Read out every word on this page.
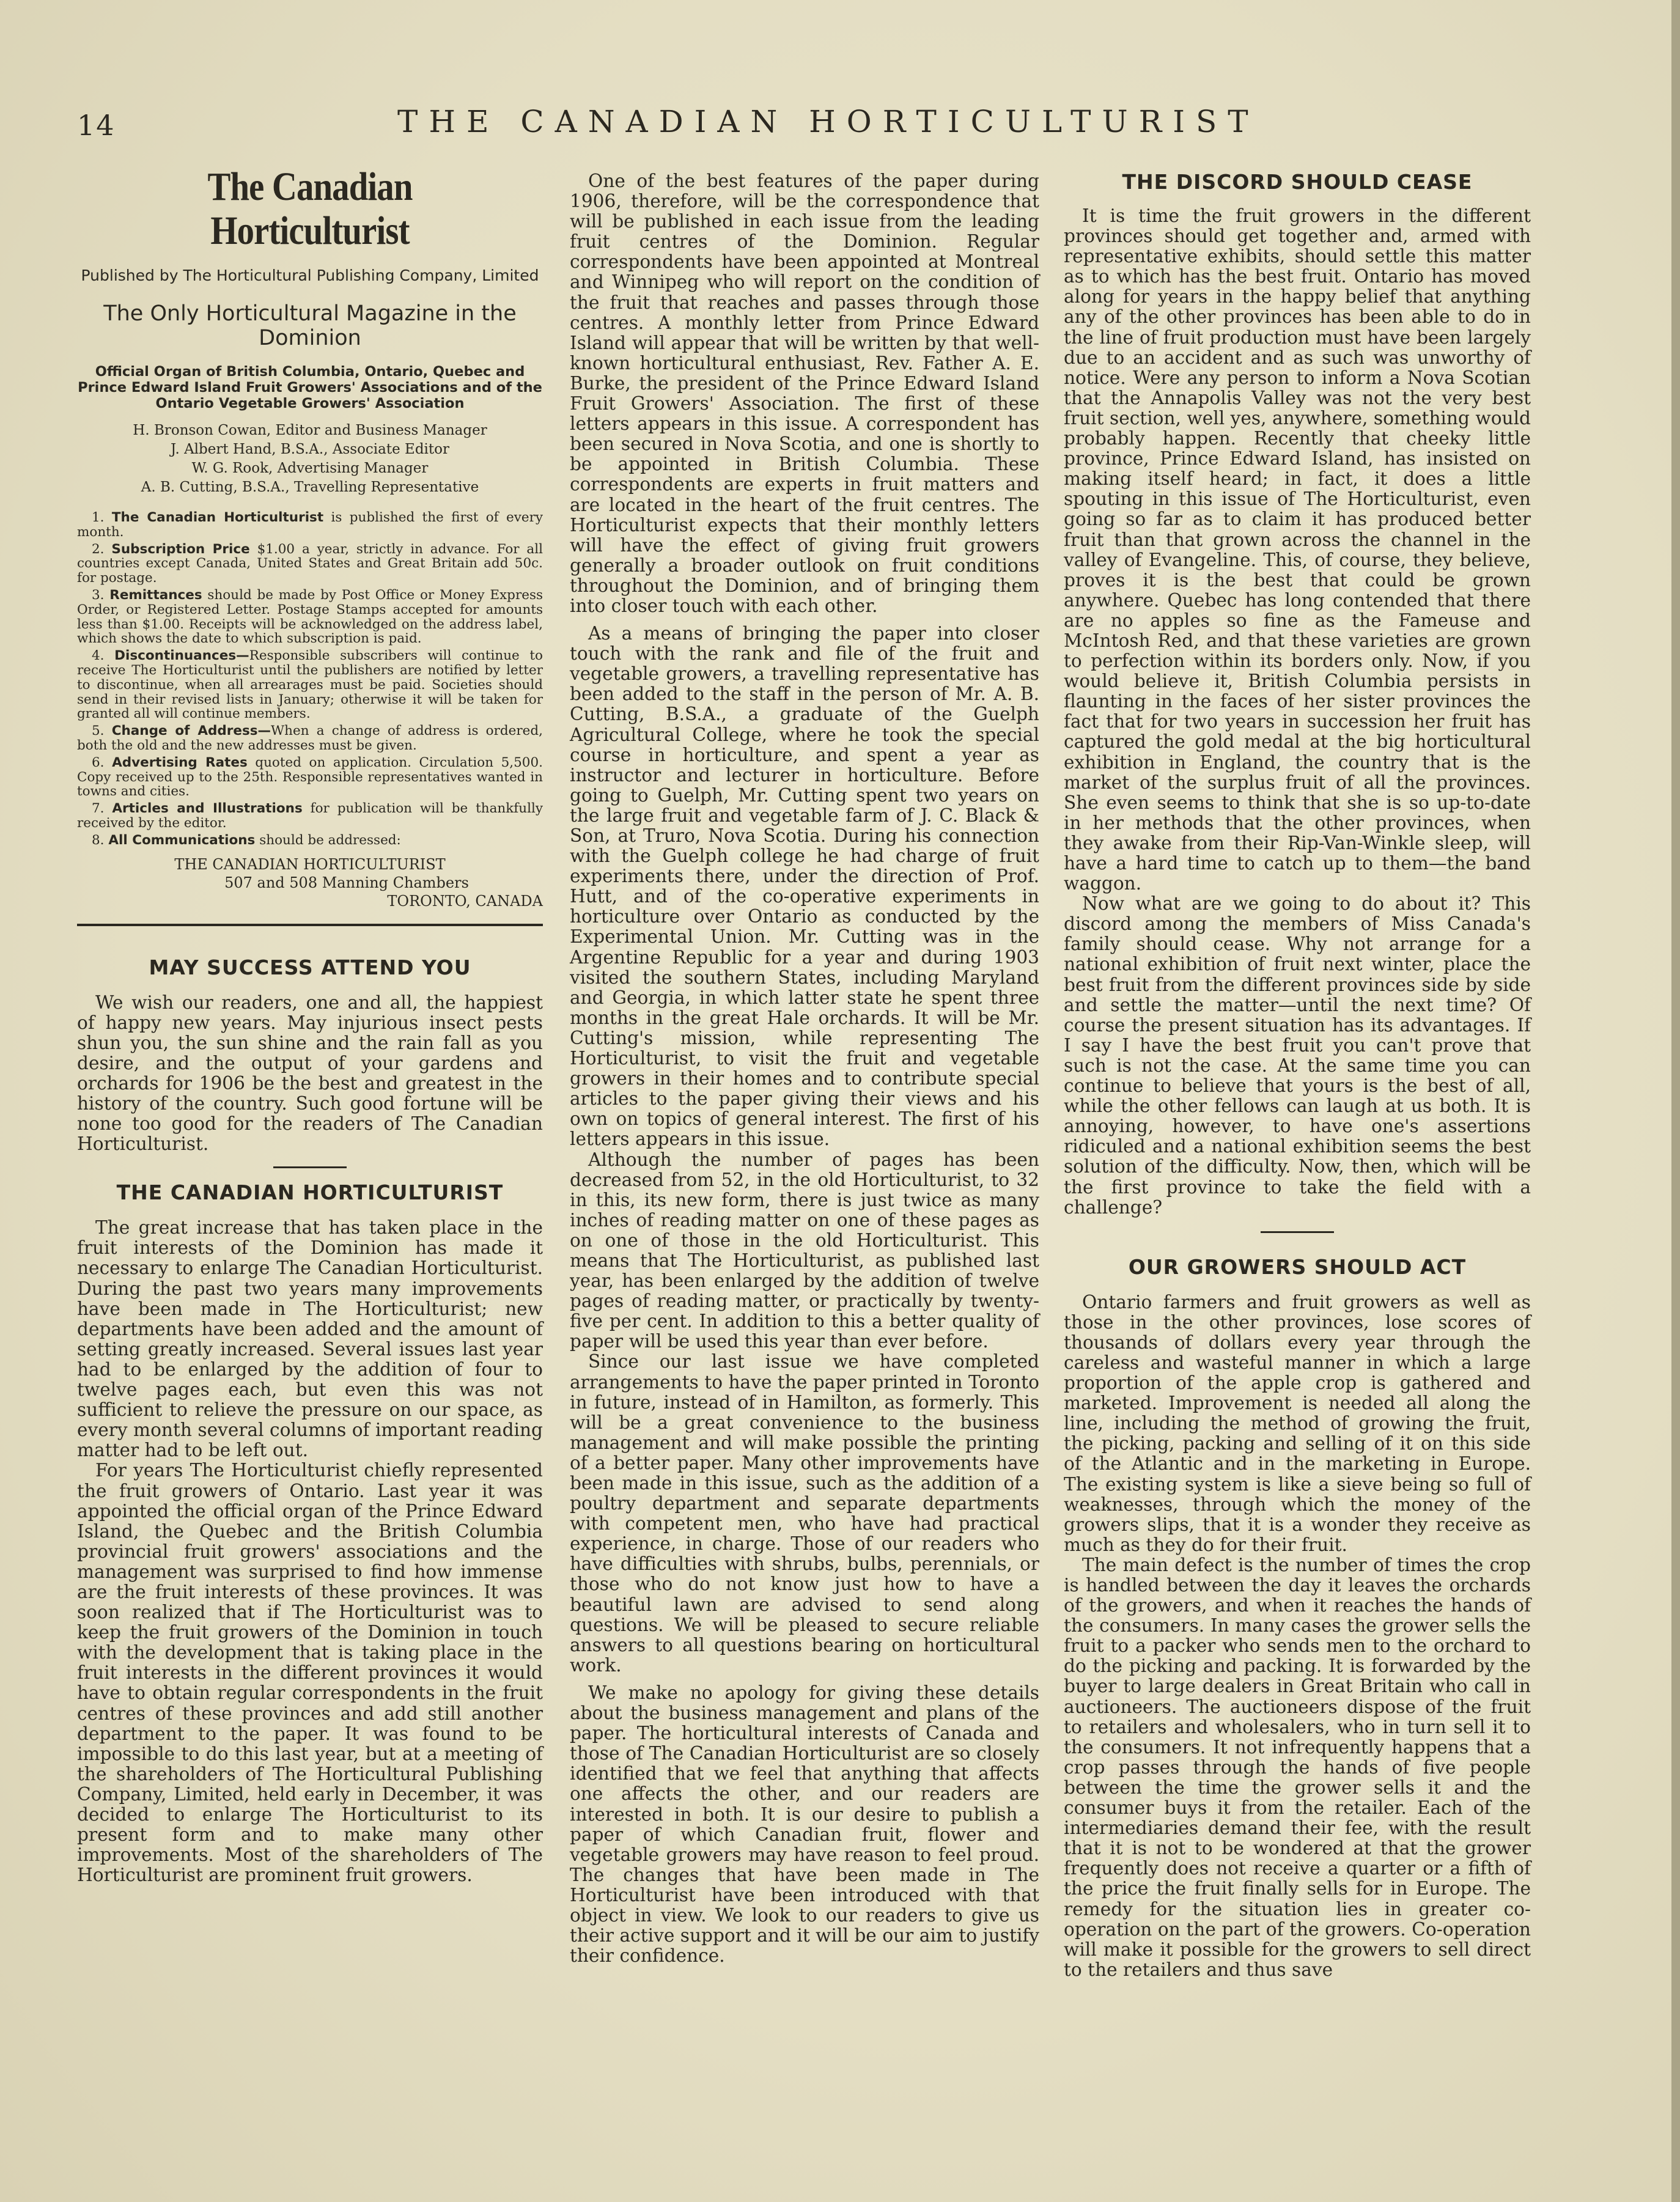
14	THE CANADIAN HORTICULTURIST
The Canadian Horticulturist
Published by The Horticultural Publishing Company, Limited
The Only Horticultural Magazine in the Dominion
Official Organ of British Columbia, Ontario, Quebec and Prince Edward Island Fruit Growers' Associations and of the Ontario Vegetable Growers' Association
H. Bronson Cowan, Editor and Business Manager
J. Albert Hand, B.S.A., Associate Editor
W. G. Rook, Advertising Manager
A. B. Cutting, B.S.A., Travelling Representative

1. The Canadian Horticulturist is published the first of every month.

2. Subscription Price $1.00 a year, strictly in advance. For all countries except Canada, United States and Great Britain add 50c. for postage.

3. Remittances should be made by Post Office or Money Express Order, or Registered Letter. Postage Stamps accepted for amounts less than $1.00. Receipts will be acknowledged on the address label, which shows the date to which subscription is paid.

4. Discontinuances—Responsible subscribers will continue to receive The Horticulturist until the publishers are notified by letter to discontinue, when all arrearages must be paid. Societies should send in their revised lists in January; otherwise it will be taken for granted all will continue members.

5. Change of Address—When a change of address is ordered, both the old and the new addresses must be given.

6. Advertising Rates quoted on application. Circulation 5,500. Copy received up to the 25th. Responsible representatives wanted in towns and cities.

7. Articles and Illustrations for publication will be thankfully received by the editor.

8. All Communications should be addressed:

THE CANADIAN HORTICULTURIST
507 and 508 Manning Chambers
TORONTO, CANADA
MAY SUCCESS ATTEND YOU

We wish our readers, one and all, the happiest of happy new years. May injurious insect pests shun you, the sun shine and the rain fall as you desire, and the output of your gardens and orchards for 1906 be the best and greatest in the history of the country. Such good fortune will be none too good for the readers of The Canadian Horticulturist.

THE CANADIAN HORTICULTURIST

The great increase that has taken place in the fruit interests of the Dominion has made it necessary to enlarge The Canadian Horticulturist. During the past two years many improvements have been made in The Horticulturist; new departments have been added and the amount of setting greatly increased. Several issues last year had to be enlarged by the addition of four to twelve pages each, but even this was not sufficient to relieve the pressure on our space, as every month several columns of important reading matter had to be left out.

For years The Horticulturist chiefly represented the fruit growers of Ontario. Last year it was appointed the official organ of the Prince Edward Island, the Quebec and the British Columbia provincial fruit growers' associations and the management was surprised to find how immense are the fruit interests of these provinces. It was soon realized that if The Horticulturist was to keep the fruit growers of the Dominion in touch with the development that is taking place in the fruit interests in the different provinces it would have to obtain regular correspondents in the fruit centres of these provinces and add still another department to the paper. It was found to be impossible to do this last year, but at a meeting of the shareholders of The Horticultural Publishing Company, Limited, held early in December, it was decided to enlarge The Horticulturist to its present form and to make many other improvements. Most of the shareholders of The Horticulturist are prominent fruit growers.

One of the best features of the paper during 1906, therefore, will be the correspondence that will be published in each issue from the leading fruit centres of the Dominion. Regular correspondents have been appointed at Montreal and Winnipeg who will report on the condition of the fruit that reaches and passes through those centres. A monthly letter from Prince Edward Island will appear that will be written by that well-known horticultural enthusiast, Rev. Father A. E. Burke, the president of the Prince Edward Island Fruit Growers' Association. The first of these letters appears in this issue. A correspondent has been secured in Nova Scotia, and one is shortly to be appointed in British Columbia. These correspondents are experts in fruit matters and are located in the heart of the fruit centres. The Horticulturist expects that their monthly letters will have the effect of giving fruit growers generally a broader outlook on fruit conditions throughout the Dominion, and of bringing them into closer touch with each other.

As a means of bringing the paper into closer touch with the rank and file of the fruit and vegetable growers, a travelling representative has been added to the staff in the person of Mr. A. B. Cutting, B.S.A., a graduate of the Guelph Agricultural College, where he took the special course in horticulture, and spent a year as instructor and lecturer in horticulture. Before going to Guelph, Mr. Cutting spent two years on the large fruit and vegetable farm of J. C. Black & Son, at Truro, Nova Scotia. During his connection with the Guelph college he had charge of fruit experiments there, under the direction of Prof. Hutt, and of the co-operative experiments in horticulture over Ontario as conducted by the Experimental Union. Mr. Cutting was in the Argentine Republic for a year and during 1903 visited the southern States, including Maryland and Georgia, in which latter state he spent three months in the great Hale orchards. It will be Mr. Cutting's mission, while representing The Horticulturist, to visit the fruit and vegetable growers in their homes and to contribute special articles to the paper giving their views and his own on topics of general interest. The first of his letters appears in this issue.

Although the number of pages has been decreased from 52, in the old Horticulturist, to 32 in this, its new form, there is just twice as many inches of reading matter on one of these pages as on one of those in the old Horticulturist. This means that The Horticulturist, as published last year, has been enlarged by the addition of twelve pages of reading matter, or practically by twenty-five per cent. In addition to this a better quality of paper will be used this year than ever before.

Since our last issue we have completed arrangements to have the paper printed in Toronto in future, instead of in Hamilton, as formerly. This will be a great convenience to the business management and will make possible the printing of a better paper. Many other improvements have been made in this issue, such as the addition of a poultry department and separate departments with competent men, who have had practical experience, in charge. Those of our readers who have difficulties with shrubs, bulbs, perennials, or those who do not know just how to have a beautiful lawn are advised to send along questions. We will be pleased to secure reliable answers to all questions bearing on horticultural work.

We make no apology for giving these details about the business management and plans of the paper. The horticultural interests of Canada and those of The Canadian Horticulturist are so closely identified that we feel that anything that affects one affects the other, and our readers are interested in both. It is our desire to publish a paper of which Canadian fruit, flower and vegetable growers may have reason to feel proud. The changes that have been made in The Horticulturist have been introduced with that object in view. We look to our readers to give us their active support and it will be our aim to justify their confidence.

THE DISCORD SHOULD CEASE

It is time the fruit growers in the different provinces should get together and, armed with representative exhibits, should settle this matter as to which has the best fruit. Ontario has moved along for years in the happy belief that anything any of the other provinces has been able to do in the line of fruit production must have been largely due to an accident and as such was unworthy of notice. Were any person to inform a Nova Scotian that the Annapolis Valley was not the very best fruit section, well yes, anywhere, something would probably happen. Recently that cheeky little province, Prince Edward Island, has insisted on making itself heard; in fact, it does a little spouting in this issue of The Horticulturist, even going so far as to claim it has produced better fruit than that grown across the channel in the valley of Evangeline. This, of course, they believe, proves it is the best that could be grown anywhere. Quebec has long contended that there are no apples so fine as the Fameuse and McIntosh Red, and that these varieties are grown to perfection within its borders only. Now, if you would believe it, British Columbia persists in flaunting in the faces of her sister provinces the fact that for two years in succession her fruit has captured the gold medal at the big horticultural exhibition in England, the country that is the market of the surplus fruit of all the provinces. She even seems to think that she is so up-to-date in her methods that the other provinces, when they awake from their Rip-Van-Winkle sleep, will have a hard time to catch up to them—the band waggon.

Now what are we going to do about it? This discord among the members of Miss Canada's family should cease. Why not arrange for a national exhibition of fruit next winter, place the best fruit from the different provinces side by side and settle the matter—until the next time? Of course the present situation has its advantages. If I say I have the best fruit you can't prove that such is not the case. At the same time you can continue to believe that yours is the best of all, while the other fellows can laugh at us both. It is annoying, however, to have one's assertions ridiculed and a national exhibition seems the best solution of the difficulty. Now, then, which will be the first province to take the field with a challenge?

OUR GROWERS SHOULD ACT

Ontario farmers and fruit growers as well as those in the other provinces, lose scores of thousands of dollars every year through the careless and wasteful manner in which a large proportion of the apple crop is gathered and marketed. Improvement is needed all along the line, including the method of growing the fruit, the picking, packing and selling of it on this side of the Atlantic and in the marketing in Europe. The existing system is like a sieve being so full of weaknesses, through which the money of the growers slips, that it is a wonder they receive as much as they do for their fruit.

The main defect is the number of times the crop is handled between the day it leaves the orchards of the growers, and when it reaches the hands of the consumers. In many cases the grower sells the fruit to a packer who sends men to the orchard to do the picking and packing. It is forwarded by the buyer to large dealers in Great Britain who call in auctioneers. The auctioneers dispose of the fruit to retailers and wholesalers, who in turn sell it to the consumers. It not infrequently happens that a crop passes through the hands of five people between the time the grower sells it and the consumer buys it from the retailer. Each of the intermediaries demand their fee, with the result that it is not to be wondered at that the grower frequently does not receive a quarter or a fifth of the price the fruit finally sells for in Europe. The remedy for the situation lies in greater co-operation on the part of the growers. Co-operation will make it possible for the growers to sell direct to the retailers and thus save
